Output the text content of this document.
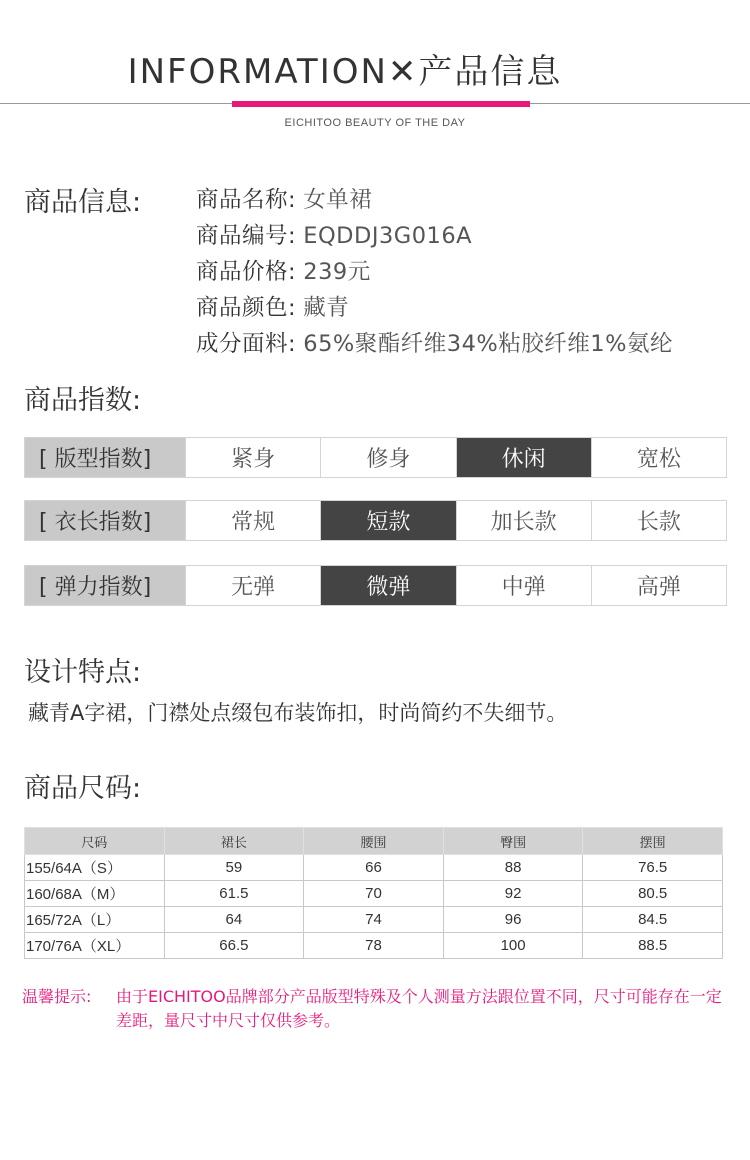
INFORMATION✕产品信息
EICHITOO BEAUTY OF THE DAY
商品信息: 商品名称: 女单裙
商品编号: EQDDJ3G016A
商品价格: 239元
商品颜色: 藏青
成分面料: 65%聚酯纤维34%粘胶纤维1%氨纶
商品指数:
[ 版型指数]	紧身	修身	休闲	宽松
[ 衣长指数]	常规	短款	加长款	长款
[ 弹力指数]	无弹	微弹	中弹	高弹
设计特点:
藏青A字裙，门襟处点缀包布装饰扣，时尚简约不失细节。
商品尺码:
尺码	裙长	腰围	臀围	摆围
155/64A（S）	59	66	88	76.5
160/68A（M）	61.5	70	92	80.5
165/72A（L）	64	74	96	84.5
170/76A（XL）	66.5	78	100	88.5
温馨提示: 由于EICHITOO品牌部分产品版型特殊及个人测量方法跟位置不同，尺寸可能存在一定差距，量尺寸中尺寸仅供参考。
